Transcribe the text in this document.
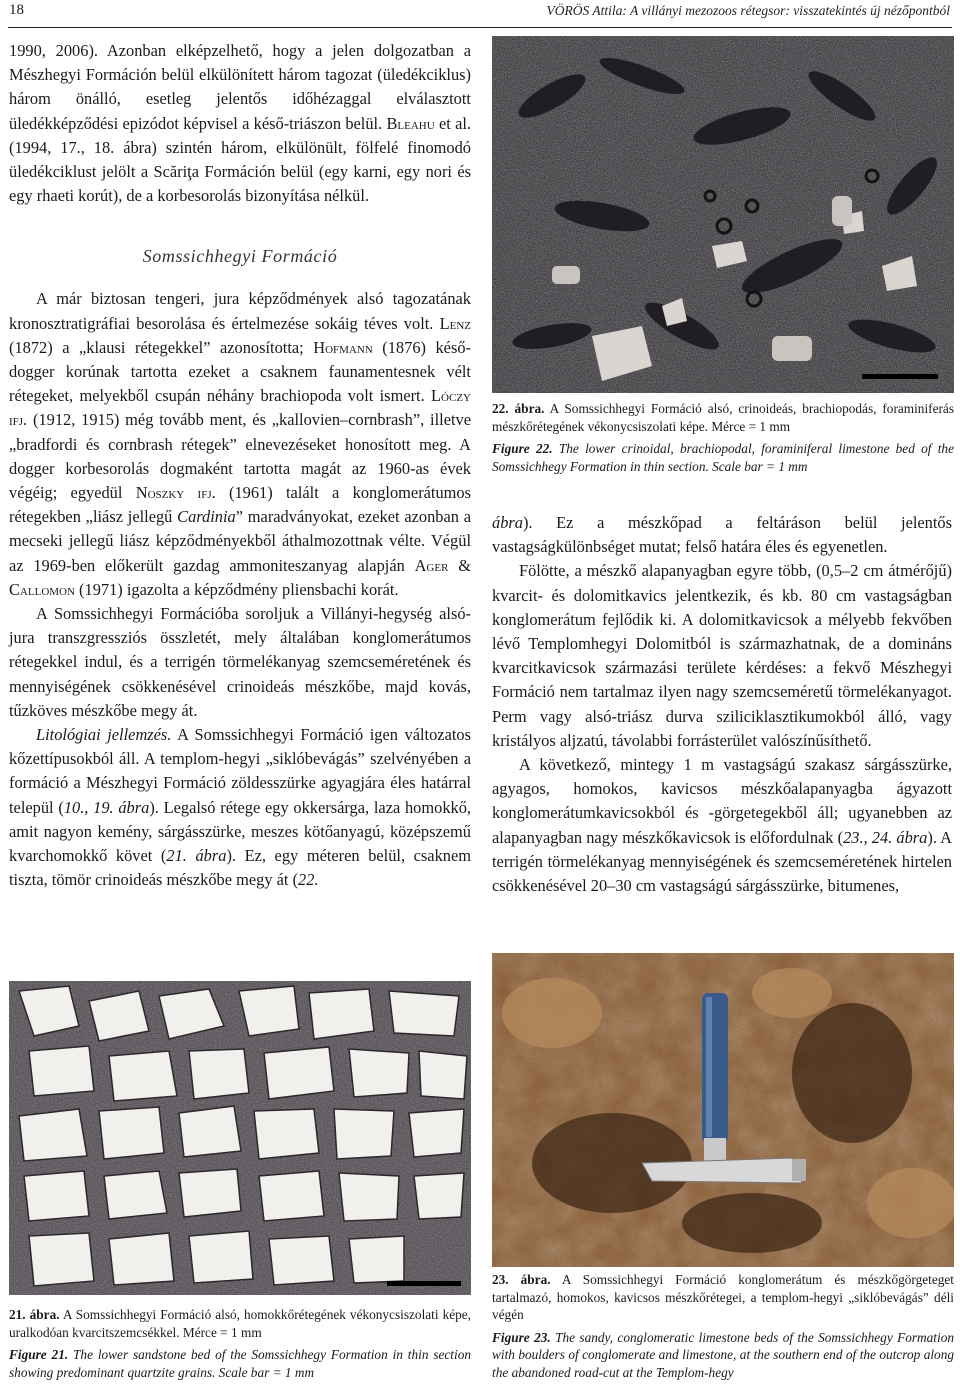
18	VÖRÖS Attila: A villányi mezozoos rétegsor: visszatekintés új nézőpontból

1990, 2006). Azonban elképzelhető, hogy a jelen dolgozatban a Mészhegyi Formáción belül elkülönített három tagozat (üledékciklus) három önálló, esetleg jelentős időhézaggal elválasztott üledékképződési epizódot képvisel a késő-triászon belül. Bleahu et al. (1994, 17., 18. ábra) szintén három, elkülönült, fölfelé finomodó üledékciklust jelölt a Scăriţa Formáción belül (egy karni, egy nori és egy rhaeti korút), de a korbesorolás bizonyítása nélkül.

Somssichhegyi Formáció

A már biztosan tengeri, jura képződmények alsó tagozatának kronosztratigráfiai besorolása és értelmezése sokáig téves volt. Lenz (1872) a „klausi rétegekkel” azonosította; Hofmann (1876) késő-dogger korúnak tartotta ezeket a csaknem faunamentesnek vélt rétegeket, melyekből csupán néhány brachiopoda volt ismert. Lóczy ifj. (1912, 1915) még tovább ment, és „kallovien–cornbrash”, illetve „bradfordi és cornbrash rétegek” elnevezéseket honosított meg. A dogger korbesorolás dogmaként tartotta magát az 1960-as évek végéig; egyedül Noszky ifj. (1961) talált a konglomerátumos rétegekben „liász jellegű Cardinia” maradványokat, ezeket azonban a mecseki jellegű liász képződményekből áthalmozottnak vélte. Végül az 1969-ben előkerült gazdag ammoniteszanyag alapján Ager & Callomon (1971) igazolta a képződmény pliensbachi korát.

A Somssichhegyi Formációba soroljuk a Villányi-hegység alsó-jura transzgressziós összletét, mely általában konglomerátumos rétegekkel indul, és a terrigén törmelékanyag szemcseméretének és mennyiségének csökkenésével crinoideás mészkőbe, majd kovás, tűzköves mészkőbe megy át.

Litológiai jellemzés. A Somssichhegyi Formáció igen változatos kőzettípusokból áll. A templom-hegyi „siklóbevágás” szelvényében a formáció a Mészhegyi Formáció zöldesszürke agyagjára éles határral települ (10., 19. ábra). Legalsó rétege egy okkersárga, laza homokkő, amit nagyon kemény, sárgásszürke, meszes kötőanyagú, középszemű kvarchomokkő követ (21. ábra). Ez, egy méteren belül, csaknem tiszta, tömör crinoideás mészkőbe megy át (22.

ábra). Ez a mészkőpad a feltáráson belül jelentős vastagságkülönbséget mutat; felső határa éles és egyenetlen.

Fölötte, a mészkő alapanyagban egyre több, (0,5–2 cm átmérőjű) kvarcit- és dolomitkavics jelentkezik, és kb. 80 cm vastagságban konglomerátum fejlődik ki. A dolomitkavicsok a mélyebb fekvőben lévő Templomhegyi Dolomitból is származhatnak, de a domináns kvarcitkavicsok származási területe kérdéses: a fekvő Mészhegyi Formáció nem tartalmaz ilyen nagy szemcseméretű törmelékanyagot. Perm vagy alsó-triász durva sziliciklasztikumokból álló, vagy kristályos aljzatú, távolabbi forrásterület valószínűsíthető.

A következő, mintegy 1 m vastagságú szakasz sárgásszürke, agyagos, homokos, kavicsos mészkőalapanyagba ágyazott konglomerátumkavicsokból és -görgetegekből áll; ugyanebben az alapanyagban nagy mészkőkavicsok is előfordulnak (23., 24. ábra). A terrigén törmelékanyag mennyiségének és szemcseméretének hirtelen csökkenésével 20–30 cm vastagságú sárgásszürke, bitumenes,

22. ábra. A Somssichhegyi Formáció alsó, crinoideás, brachiopodás, foraminiferás mészkőrétegének vékonycsiszolati képe. Mérce = 1 mm
Figure 22. The lower crinoidal, brachiopodal, foraminiferal limestone bed of the Somssichhegy Formation in thin section. Scale bar = 1 mm
21. ábra. A Somssichhegyi Formáció alsó, homokkőrétegének vékonycsiszolati képe, uralkodóan kvarcitszemcsékkel. Mérce = 1 mm
Figure 21. The lower sandstone bed of the Somssichhegy Formation in thin section showing predominant quartzite grains. Scale bar = 1 mm
23. ábra. A Somssichhegyi Formáció konglomerátum és mészkőgörgeteget tartalmazó, homokos, kavicsos mészkőrétegei, a templom-hegyi „siklóbevágás” déli végén
Figure 23. The sandy, conglomeratic limestone beds of the Somssichhegy Formation with boulders of conglomerate and limestone, at the southern end of the outcrop along the abandoned road-cut at the Templom-hegy
